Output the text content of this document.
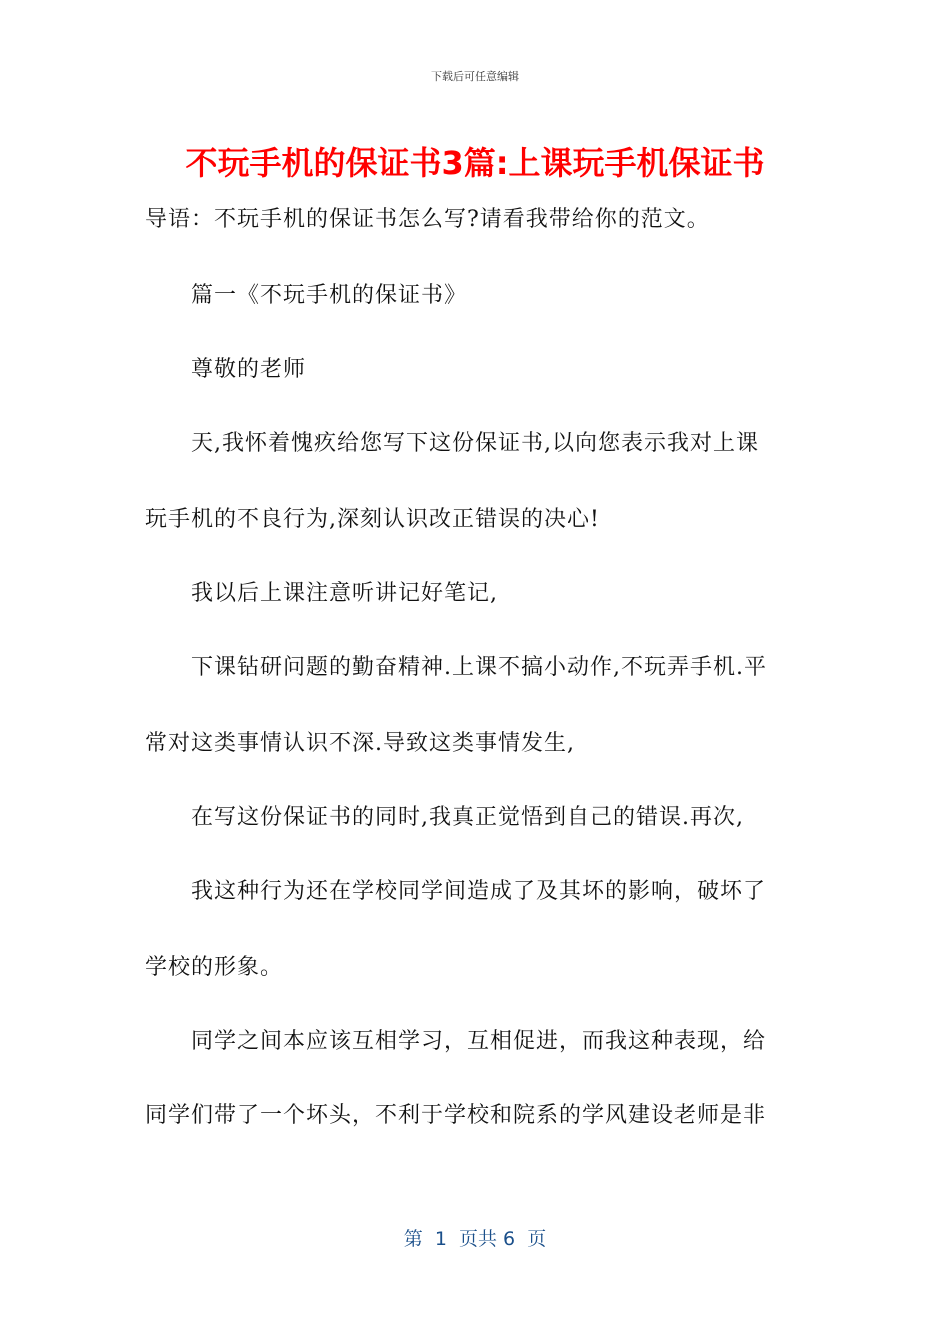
下载后可任意编辑
不玩手机的保证书3篇:上课玩手机保证书
导语：不玩手机的保证书怎么写?请看我带给你的范文。
　　篇一《不玩手机的保证书》
　　尊敬的老师
　　天,我怀着愧疚给您写下这份保证书,以向您表示我对上课
玩手机的不良行为,深刻认识改正错误的决心!
　　我以后上课注意听讲记好笔记,
　　下课钻研问题的勤奋精神.上课不搞小动作,不玩弄手机.平
常对这类事情认识不深.导致这类事情发生,
　　在写这份保证书的同时,我真正觉悟到自己的错误.再次,
　　我这种行为还在学校同学间造成了及其坏的影响，破坏了
学校的形象。
　　同学之间本应该互相学习，互相促进，而我这种表现，给
同学们带了一个坏头，不利于学校和院系的学风建设老师是非
第  1  页共 6  页
